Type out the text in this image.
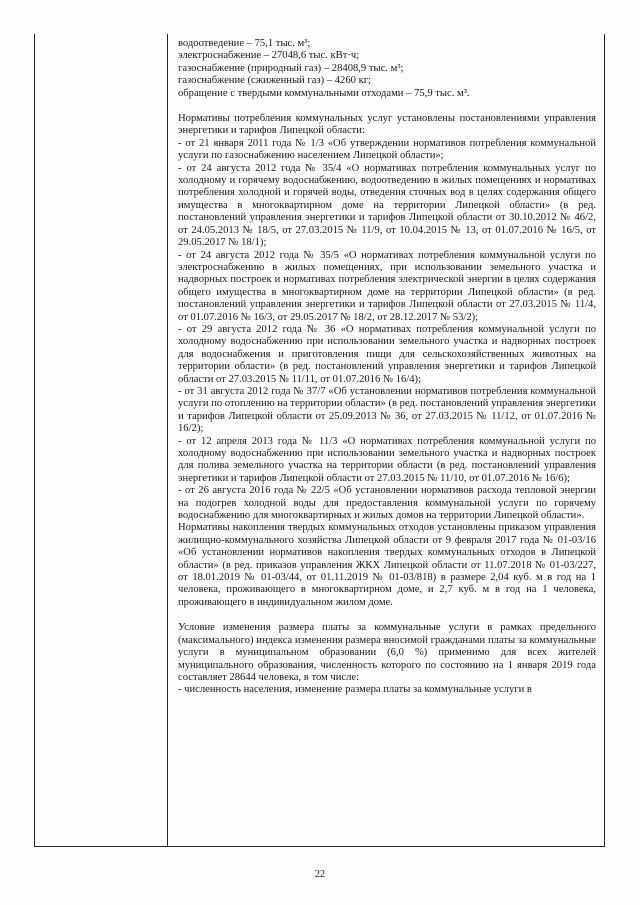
водоотведение – 75,1 тыс. м³;

электроснабжение – 27048,6 тыс. кВт·ч;

газоснабжение (природный газ) – 28408,9 тыс. м³;

газоснабжение (сжиженный газ) – 4260 кг;

обращение с твердыми коммунальными отходами – 75,9 тыс. м³.

Нормативы потребления коммунальных услуг установлены постановлениями управления энергетики и тарифов Липецкой области:

- от 21 января 2011 года № 1/3 «Об утверждении нормативов потребления коммунальной услуги по газоснабжению населением Липецкой области»;

- от 24 августа 2012 года № 35/4 «О нормативах потребления коммунальных услуг по холодному и горячему водоснабжению, водоотведению в жилых помещениях и нормативах потребления холодной и горячей воды, отведения сточных вод в целях содержания общего имущества в многоквартирном доме на территории Липецкой области» (в ред. постановлений управления энергетики и тарифов Липецкой области от 30.10.2012 № 46/2, от 24.05.2013 № 18/5, от 27.03.2015 № 11/9, от 10.04.2015 № 13, от 01.07.2016 № 16/5, от 29.05.2017 № 18/1);

- от 24 августа 2012 года № 35/5 «О нормативах потребления коммунальной услуги по электроснабжению в жилых помещениях, при использовании земельного участка и надворных построек и нормативах потребления электрической энергии в целях содержания общего имущества в многоквартирном доме на территории Липецкой области» (в ред. постановлений управления энергетики и тарифов Липецкой области от 27.03.2015 № 11/4, от 01.07.2016 № 16/3, от 29.05.2017 № 18/2, от 28.12.2017 № 53/2);

- от 29 августа 2012 года № 36 «О нормативах потребления коммунальной услуги по холодному водоснабжению при использовании земельного участка и надворных построек для водоснабжения и приготовления пищи для сельскохозяйственных животных на территории области» (в ред. постановлений управления энергетики и тарифов Липецкой области от 27.03.2015 № 11/11, от 01.07.2016 № 16/4);

- от 31 августа 2012 года № 37/7 «Об установлении нормативов потребления коммунальной услуги по отоплению на территории области» (в ред. постановлений управления энергетики и тарифов Липецкой области от 25.09.2013 № 36, от 27.03.2015 № 11/12, от 01.07.2016 № 16/2);

- от 12 апреля 2013 года № 11/3 «О нормативах потребления коммунальной услуги по холодному водоснабжению при использовании земельного участка и надворных построек для полива земельного участка на территории области (в ред. постановлений управления энергетики и тарифов Липецкой области от 27.03.2015 № 11/10, от 01.07.2016 № 16/6);

- от 26 августа 2016 года № 22/5 «Об установлении нормативов расхода тепловой энергии на подогрев холодной воды для предоставления коммунальной услуги по горячему водоснабжению для многоквартирных и жилых домов на территории Липецкой области».

Нормативы накопления твердых коммунальных отходов установлены приказом управления жилищно-коммунального хозяйства Липецкой области от 9 февраля 2017 года № 01-03/16 «Об установлении нормативов накопления твердых коммунальных отходов в Липецкой области» (в ред. приказов управления ЖКХ Липецкой области от 11.07.2018 № 01-03/227, от 18.01.2019 № 01-03/44, от 01.11.2019 № 01-03/818) в размере 2,04 куб. м в год на 1 человека, проживающего в многоквартирном доме, и 2,7 куб. м в год на 1 человека, проживающего в индивидуальном жилом доме.

Условие изменения размера платы за коммунальные услуги в рамках предельного (максимального) индекса изменения размера вносимой гражданами платы за коммунальные услуги в муниципальном образовании (6,0 %) применимо для всех жителей муниципального образования, численность которого по состоянию на 1 января 2019 года составляет 28644 человека, в том числе:

- численность населения, изменение размера платы за коммунальные услуги в

22
